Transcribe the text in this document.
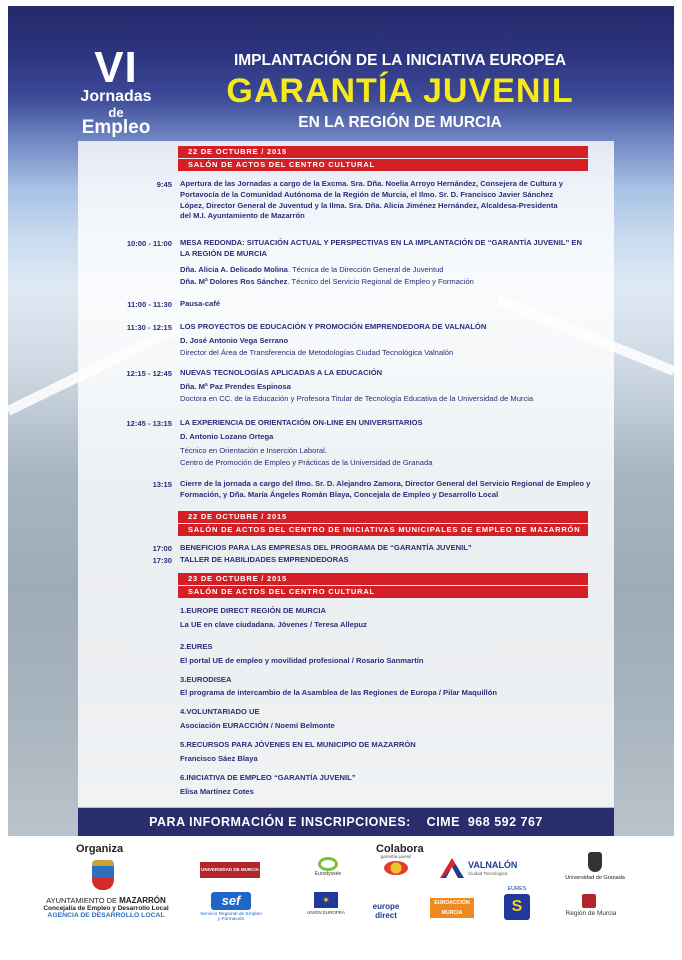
VI
Jornadas
de
Empleo
IMPLANTACIÓN DE LA INICIATIVA EUROPEA
GARANTÍA JUVENIL
EN LA REGIÓN DE MURCIA
22 DE OCTUBRE / 2015
SALÓN DE ACTOS DEL CENTRO CULTURAL
9:45 Apertura de las Jornadas a cargo de la Excma. Sra. Dña. Noelia Arroyo Hernández, Consejera de Cultura y
Portavocía de la Comunidad Autónoma de la Región de Murcia, el Ilmo. Sr. D. Francisco Javier Sánchez
López, Director General de Juventud y la Ilma. Sra. Dña. Alicia Jiménez Hernández, Alcaldesa-Presidenta
del M.I. Ayuntamiento de Mazarrón
10:00 - 11:00 MESA REDONDA: SITUACIÓN ACTUAL Y PERSPECTIVAS EN LA IMPLANTACIÓN DE “GARANTÍA JUVENIL” EN
LA REGIÓN DE MURCIA
Dña. Alicia A. Delicado Molina. Técnica de la Dirección General de Juventud
Dña. Mª Dolores Ros Sánchez. Técnico del Servicio Regional de Empleo y Formación
11:00 - 11:30 Pausa-café
11:30 - 12:15 LOS PROYECTOS DE EDUCACIÓN Y PROMOCIÓN EMPRENDEDORA DE VALNALÓN
D. José Antonio Vega Serrano
Director del Área de Transferencia de Metodologías Ciudad Tecnológica Valnalón
12:15 - 12:45 NUEVAS TECNOLOGÍAS APLICADAS A LA EDUCACIÓN
Dña. Mª Paz Prendes Espinosa
Doctora en CC. de la Educación y Profesora Titular de Tecnología Educativa de la Universidad de Murcia
12:45 - 13:15 LA EXPERIENCIA DE ORIENTACIÓN ON-LINE EN UNIVERSITARIOS
D. Antonio Lozano Ortega
Técnico en Orientación e Inserción Laboral.
Centro de Promoción de Empleo y Prácticas de la Universidad de Granada
13:15 Cierre de la jornada a cargo del Ilmo. Sr. D. Alejandro Zamora, Director General del Servicio Regional de Empleo y
Formación, y Dña. María Ángeles Román Blaya, Concejala de Empleo y Desarrollo Local
22 DE OCTUBRE / 2015
SALÓN DE ACTOS DEL CENTRO DE INICIATIVAS MUNICIPALES DE EMPLEO DE MAZARRÓN
17:00 BENEFICIOS PARA LAS EMPRESAS DEL PROGRAMA DE “GARANTÍA JUVENIL”
17:30 TALLER DE HABILIDADES EMPRENDEDORAS
23 DE OCTUBRE / 2015
SALÓN DE ACTOS DEL CENTRO CULTURAL
1.EUROPE DIRECT REGIÓN DE MURCIA
La UE en clave ciudadana. Jóvenes / Teresa Allepuz
2.EURES
El portal UE de empleo y movilidad profesional / Rosario Sanmartín
3.EURODISEA
El programa de intercambio de la Asamblea de las Regiones de Europa / Pilar Maquillón
4.VOLUNTARIADO UE
Asociación EURACCIÓN / Noemí Belmonte
5.RECURSOS PARA JÓVENES EN EL MUNICIPIO DE MAZARRÓN
Francisco Sáez Blaya
6.INICIATIVA DE EMPLEO “GARANTÍA JUVENIL”
Elisa Martínez Cotes
PARA INFORMACIÓN E INSCRIPCIONES:    CIME  968 592 767
Organiza	Colabora
AYUNTAMIENTO DE MAZARRÓN
Concejalía de Empleo y Desarrollo Local
AGENCIA DE DESARROLLO LOCAL
UNIVERSIDAD DE MURCIA
Eurodyssée
garantía juvenil
VALNALÓN
Ciudad Tecnológica
Universidad de Granada
sef
Servicio Regional de Empleo y Formación
✶
UNIÓN EUROPEA
europe direct
EUROACCIÓN MURCIA
EURES
S	Región de Murcia
